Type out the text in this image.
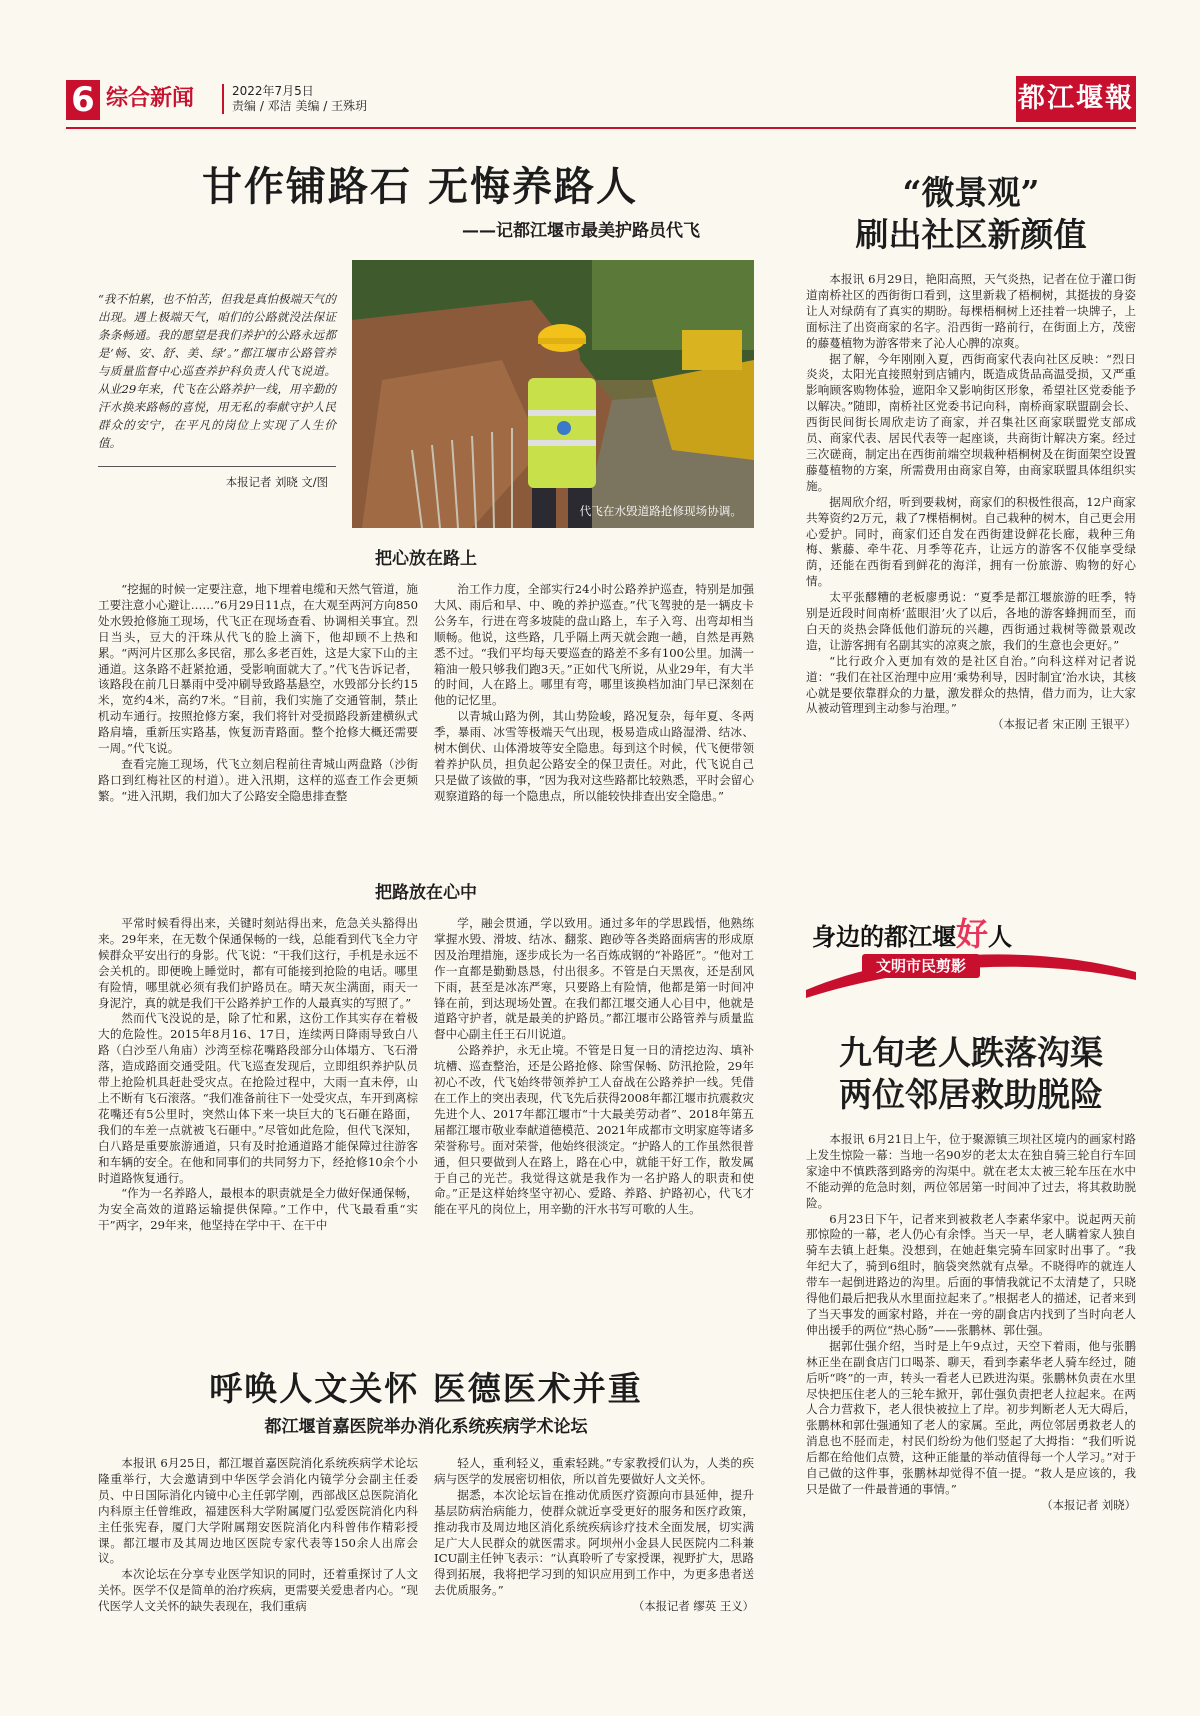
6 综合新闻	2022年7月5日
责编 / 邓洁 美编 / 王殊玥	都江堰報
甘作铺路石 无悔养路人
——记都江堰市最美护路员代飞
“我不怕累，也不怕苦，但我是真怕极端天气的出现。遇上极端天气，咱们的公路就没法保证条条畅通。我的愿望是我们养护的公路永远都是‘畅、安、舒、美、绿’。”都江堰市公路管养与质量监督中心巡查养护科负责人代飞说道。从业29年来，代飞在公路养护一线，用辛勤的汗水换来路畅的喜悦，用无私的奉献守护人民群众的安宁，在平凡的岗位上实现了人生价值。
本报记者 刘晓 文/图
代飞在水毁道路抢修现场协调。
把心放在路上

“挖掘的时候一定要注意，地下埋着电缆和天然气管道，施工要注意小心避让……”6月29日11点，在大观至两河方向850处水毁抢修施工现场，代飞正在现场查看、协调相关事宜。烈日当头，豆大的汗珠从代飞的脸上滴下，他却顾不上热和累。“两河片区那么多民宿，那么多老百姓，这是大家下山的主通道。这条路不赶紧抢通，受影响面就大了。”代飞告诉记者，该路段在前几日暴雨中受冲刷导致路基悬空，水毁部分长约15米，宽约4米，高约7米。“目前，我们实施了交通管制，禁止机动车通行。按照抢修方案，我们将针对受损路段新建横纵式路肩墙，重新压实路基，恢复沥青路面。整个抢修大概还需要一周。”代飞说。

查看完施工现场，代飞立刻启程前往青城山两盘路（沙街路口到红梅社区的村道）。进入汛期，这样的巡查工作会更频繁。“进入汛期，我们加大了公路安全隐患排查整

治工作力度，全部实行24小时公路养护巡查，特别是加强大风、雨后和早、中、晚的养护巡查。”代飞驾驶的是一辆皮卡公务车，行进在弯多坡陡的盘山路上，车子入弯、出弯却相当顺畅。他说，这些路，几乎隔上两天就会跑一趟，自然是再熟悉不过。“我们平均每天要巡查的路差不多有100公里。加满一箱油一般只够我们跑3天。”正如代飞所说，从业29年，有大半的时间，人在路上。哪里有弯，哪里该换档加油门早已深刻在他的记忆里。

以青城山路为例，其山势险峻，路况复杂，每年夏、冬两季，暴雨、冰雪等极端天气出现，极易造成山路湿滑、结冰、树木倒伏、山体滑坡等安全隐患。每到这个时候，代飞便带领着养护队员，担负起公路安全的保卫责任。对此，代飞说自己只是做了该做的事，“因为我对这些路都比较熟悉，平时会留心观察道路的每一个隐患点，所以能较快排查出安全隐患。”

把路放在心中

平常时候看得出来，关键时刻站得出来，危急关头豁得出来。29年来，在无数个保通保畅的一线，总能看到代飞全力守候群众平安出行的身影。代飞说：“干我们这行，手机是永远不会关机的。即便晚上睡觉时，都有可能接到抢险的电话。哪里有险情，哪里就必须有我们护路员在。晴天灰尘满面，雨天一身泥泞，真的就是我们干公路养护工作的人最真实的写照了。”

然而代飞没说的是，除了忙和累，这份工作其实存在着极大的危险性。2015年8月16、17日，连续两日降雨导致白八路（白沙至八角庙）沙湾至棕花嘴路段部分山体塌方、飞石滑落，造成路面交通受阻。代飞巡查发现后，立即组织养护队员带上抢险机具赶赴受灾点。在抢险过程中，大雨一直未停，山上不断有飞石滚落。“我们准备前往下一处受灾点，车开到离棕花嘴还有5公里时，突然山体下来一块巨大的飞石砸在路面，我们的车差一点就被飞石砸中。”尽管如此危险，但代飞深知，白八路是重要旅游通道，只有及时抢通道路才能保障过往游客和车辆的安全。在他和同事们的共同努力下，经抢修10余个小时道路恢复通行。

“作为一名养路人，最根本的职责就是全力做好保通保畅，为安全高效的道路运输提供保障。”工作中，代飞最看重“实干”两字，29年来，他坚持在学中干、在干中

学，融会贯通，学以致用。通过多年的学思践悟，他熟练掌握水毁、滑坡、结冰、翻浆、跑砂等各类路面病害的形成原因及治理措施，逐步成长为一名百炼成钢的“补路匠”。“他对工作一直都是勤勤恳恳，付出很多。不管是白天黑夜，还是刮风下雨，甚至是冰冻严寒，只要路上有险情，他都是第一时间冲锋在前，到达现场处置。在我们都江堰交通人心目中，他就是道路守护者，就是最美的护路员。”都江堰市公路管养与质量监督中心副主任王石川说道。

公路养护，永无止境。不管是日复一日的清挖边沟、填补坑槽、巡查整治，还是公路抢修、除雪保畅、防汛抢险，29年初心不改，代飞始终带领养护工人奋战在公路养护一线。凭借在工作上的突出表现，代飞先后获得2008年都江堰市抗震救灾先进个人、2017年都江堰市“十大最美劳动者”、2018年第五届都江堰市敬业奉献道德模范、2021年成都市文明家庭等诸多荣誉称号。面对荣誉，他始终很淡定。“护路人的工作虽然很普通，但只要做到人在路上，路在心中，就能干好工作，散发属于自己的光芒。我觉得这就是我作为一名护路人的职责和使命。”正是这样始终坚守初心、爱路、养路、护路初心，代飞才能在平凡的岗位上，用辛勤的汗水书写可歌的人生。

“微景观”
刷出社区新颜值

本报讯 6月29日，艳阳高照，天气炎热，记者在位于灌口街道南桥社区的西街街口看到，这里新栽了梧桐树，其挺拔的身姿让人对绿荫有了真实的期盼。每棵梧桐树上还挂着一块牌子，上面标注了出资商家的名字。沿西街一路前行，在街面上方，茂密的藤蔓植物为游客带来了沁人心脾的凉爽。

据了解，今年刚刚入夏，西街商家代表向社区反映：“烈日炎炎，太阳光直接照射到店铺内，既造成货品高温受损，又严重影响顾客购物体验，遮阳伞又影响街区形象，希望社区党委能予以解决。”随即，南桥社区党委书记向科，南桥商家联盟副会长、西街民间街长周欣走访了商家，并召集社区商家联盟党支部成员、商家代表、居民代表等一起座谈，共商街计解决方案。经过三次磋商，制定出在西街前端空坝栽种梧桐树及在街面架空设置藤蔓植物的方案，所需费用由商家自筹，由商家联盟具体组织实施。

据周欣介绍，听到要栽树，商家们的积极性很高，12户商家共筹资约2万元，栽了7棵梧桐树。自己栽种的树木，自己更会用心爱护。同时，商家们还自发在西街建设鲜花长廊，栽种三角梅、紫藤、牵牛花、月季等花卉，让远方的游客不仅能享受绿荫，还能在西街看到鲜花的海洋，拥有一份旅游、购物的好心情。

太平张醪糟的老板廖勇说：“夏季是都江堰旅游的旺季，特别是近段时间南桥‘蓝眼泪’火了以后，各地的游客蜂拥而至，而白天的炎热会降低他们游玩的兴趣，西街通过栽树等微景观改造，让游客拥有名副其实的凉爽之旅，我们的生意也会更好。”

“比行政介入更加有效的是社区自治。”向科这样对记者说道：“我们在社区治理中应用‘乘势利导，因时制宜’治水诀，其核心就是要依靠群众的力量，激发群众的热情，借力而为，让大家从被动管理到主动参与治理。”

（本报记者 宋正刚 王银平）

身边的都江堰好人
文明市民剪影
九旬老人跌落沟渠
两位邻居救助脱险

本报讯 6月21日上午，位于聚源镇三坝社区境内的画家村路上发生惊险一幕：当地一名90岁的老太太在独自骑三轮自行车回家途中不慎跌落到路旁的沟渠中。就在老太太被三轮车压在水中不能动弹的危急时刻，两位邻居第一时间冲了过去，将其救助脱险。

6月23日下午，记者来到被救老人李素华家中。说起两天前那惊险的一幕，老人仍心有余悸。当天一早，老人瞒着家人独自骑车去镇上赶集。没想到，在她赶集完骑车回家时出事了。“我年纪大了，骑到6组时，脑袋突然就有点晕。不晓得咋的就连人带车一起倒进路边的沟里。后面的事情我就记不太清楚了，只晓得他们最后把我从水里面拉起来了。”根据老人的描述，记者来到了当天事发的画家村路，并在一旁的副食店内找到了当时向老人伸出援手的两位“热心肠”——张鹏林、郭仕强。

据郭仕强介绍，当时是上午9点过，天空下着雨，他与张鹏林正坐在副食店门口喝茶、聊天，看到李素华老人骑车经过，随后听“咚”的一声，转头一看老人已跌进沟渠。张鹏林负责在水里尽快把压住老人的三轮车掀开，郭仕强负责把老人拉起来。在两人合力营救下，老人很快被拉上了岸。初步判断老人无大碍后，张鹏林和郭仕强通知了老人的家属。至此，两位邻居勇救老人的消息也不胫而走，村民们纷纷为他们竖起了大拇指：“我们听说后都在给他们点赞，这种正能量的举动值得每一个人学习。”对于自己做的这件事，张鹏林却觉得不值一提。“救人是应该的，我只是做了一件最普通的事情。”

（本报记者 刘晓）

呼唤人文关怀 医德医术并重
都江堰首嘉医院举办消化系统疾病学术论坛

本报讯 6月25日，都江堰首嘉医院消化系统疾病学术论坛隆重举行，大会邀请到中华医学会消化内镜学分会副主任委员、中日国际消化内镜中心主任郭学刚，西部战区总医院消化内科原主任曾维政，福建医科大学附属厦门弘爱医院消化内科主任张宪春，厦门大学附属翔安医院消化内科曾伟作精彩授课。都江堰市及其周边地区医院专家代表等150余人出席会议。

本次论坛在分享专业医学知识的同时，还着重探讨了人文关怀。医学不仅是简单的治疗疾病，更需要关爱患者内心。“现代医学人文关怀的缺失表现在，我们重病

轻人，重利轻义，重索轻跳。”专家教授们认为，人类的疾病与医学的发展密切相依，所以首先要做好人文关怀。

据悉，本次论坛旨在推动优质医疗资源向市县延伸，提升基层防病治病能力，使群众就近享受更好的服务和医疗政策，推动我市及周边地区消化系统疾病诊疗技术全面发展，切实满足广大人民群众的就医需求。阿坝州小金县人民医院内二科兼ICU副主任钟飞表示：“认真聆听了专家授课，视野扩大，思路得到拓展，我将把学习到的知识应用到工作中，为更多患者送去优质服务。”

（本报记者 缪英 王义）
